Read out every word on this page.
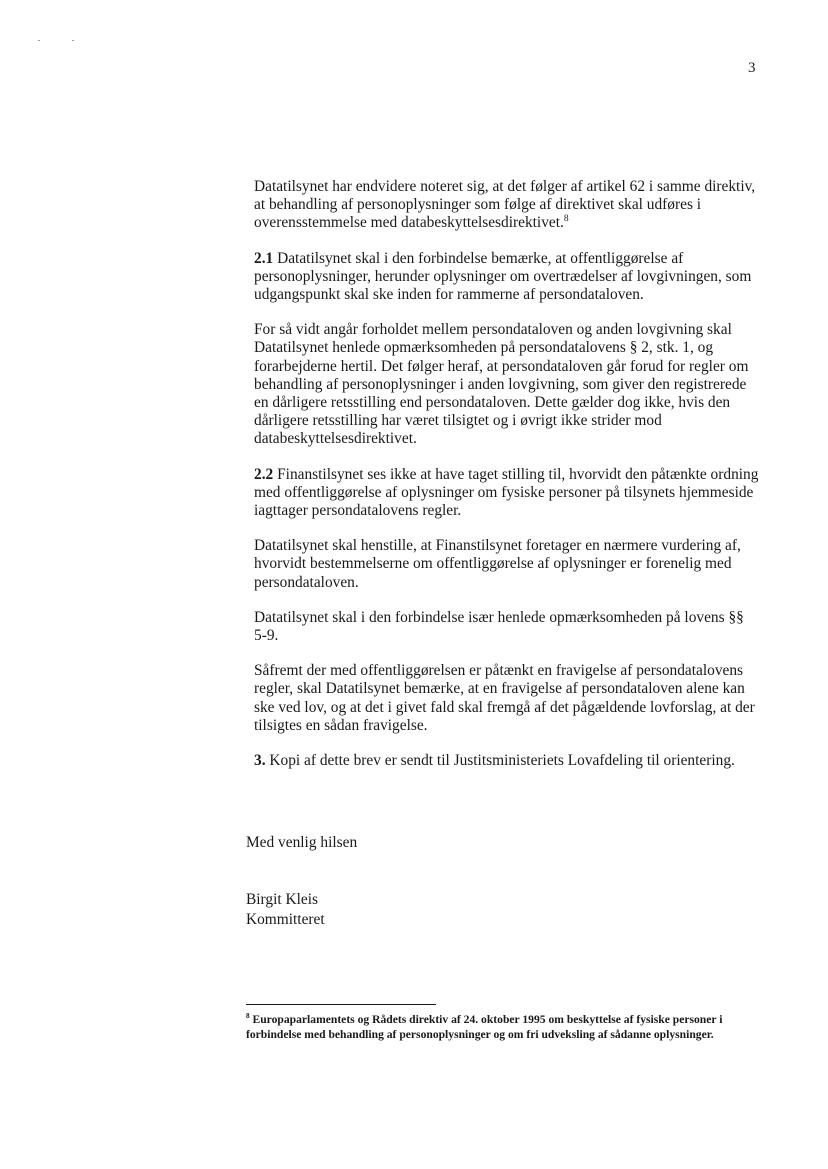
3

Datatilsynet har endvidere noteret sig, at det følger af artikel 62 i samme direktiv, at behandling af personoplysninger som følge af direktivet skal udføres i overensstemmelse med databeskyttelsesdirektivet.$^8$

2.1 Datatilsynet skal i den forbindelse bemærke, at offentliggørelse af personoplysninger, herunder oplysninger om overtrædelser af lovgivningen, som udgangspunkt skal ske inden for rammerne af persondataloven.

For så vidt angår forholdet mellem persondataloven og anden lovgivning skal Datatilsynet henlede opmærksomheden på persondatalovens § 2, stk. 1, og forarbejderne hertil. Det følger heraf, at persondataloven går forud for regler om behandling af personoplysninger i anden lovgivning, som giver den registrerede en dårligere retsstilling end persondataloven. Dette gælder dog ikke, hvis den dårligere retsstilling har været tilsigtet og i øvrigt ikke strider mod databeskyttelsesdirektivet.

2.2 Finanstilsynet ses ikke at have taget stilling til, hvorvidt den påtænkte ordning med offentliggørelse af oplysninger om fysiske personer på tilsynets hjemmeside iagttager persondatalovens regler.

Datatilsynet skal henstille, at Finanstilsynet foretager en nærmere vurdering af, hvorvidt bestemmelserne om offentliggørelse af oplysninger er forenelig med persondataloven.

Datatilsynet skal i den forbindelse især henlede opmærksomheden på lovens §§ 5-9.

Såfremt der med offentliggørelsen er påtænkt en fravigelse af persondatalovens regler, skal Datatilsynet bemærke, at en fravigelse af persondataloven alene kan ske ved lov, og at det i givet fald skal fremgå af det pågældende lovforslag, at der tilsigtes en sådan fravigelse.

3. Kopi af dette brev er sendt til Justitsministeriets Lovafdeling til orientering.

Med venlig hilsen
Birgit Kleis
Kommitteret
$^8$ Europaparlamentets og Rådets direktiv af 24. oktober 1995 om beskyttelse af fysiske personer i forbindelse med behandling af personoplysninger og om fri udveksling af sådanne oplysninger.
